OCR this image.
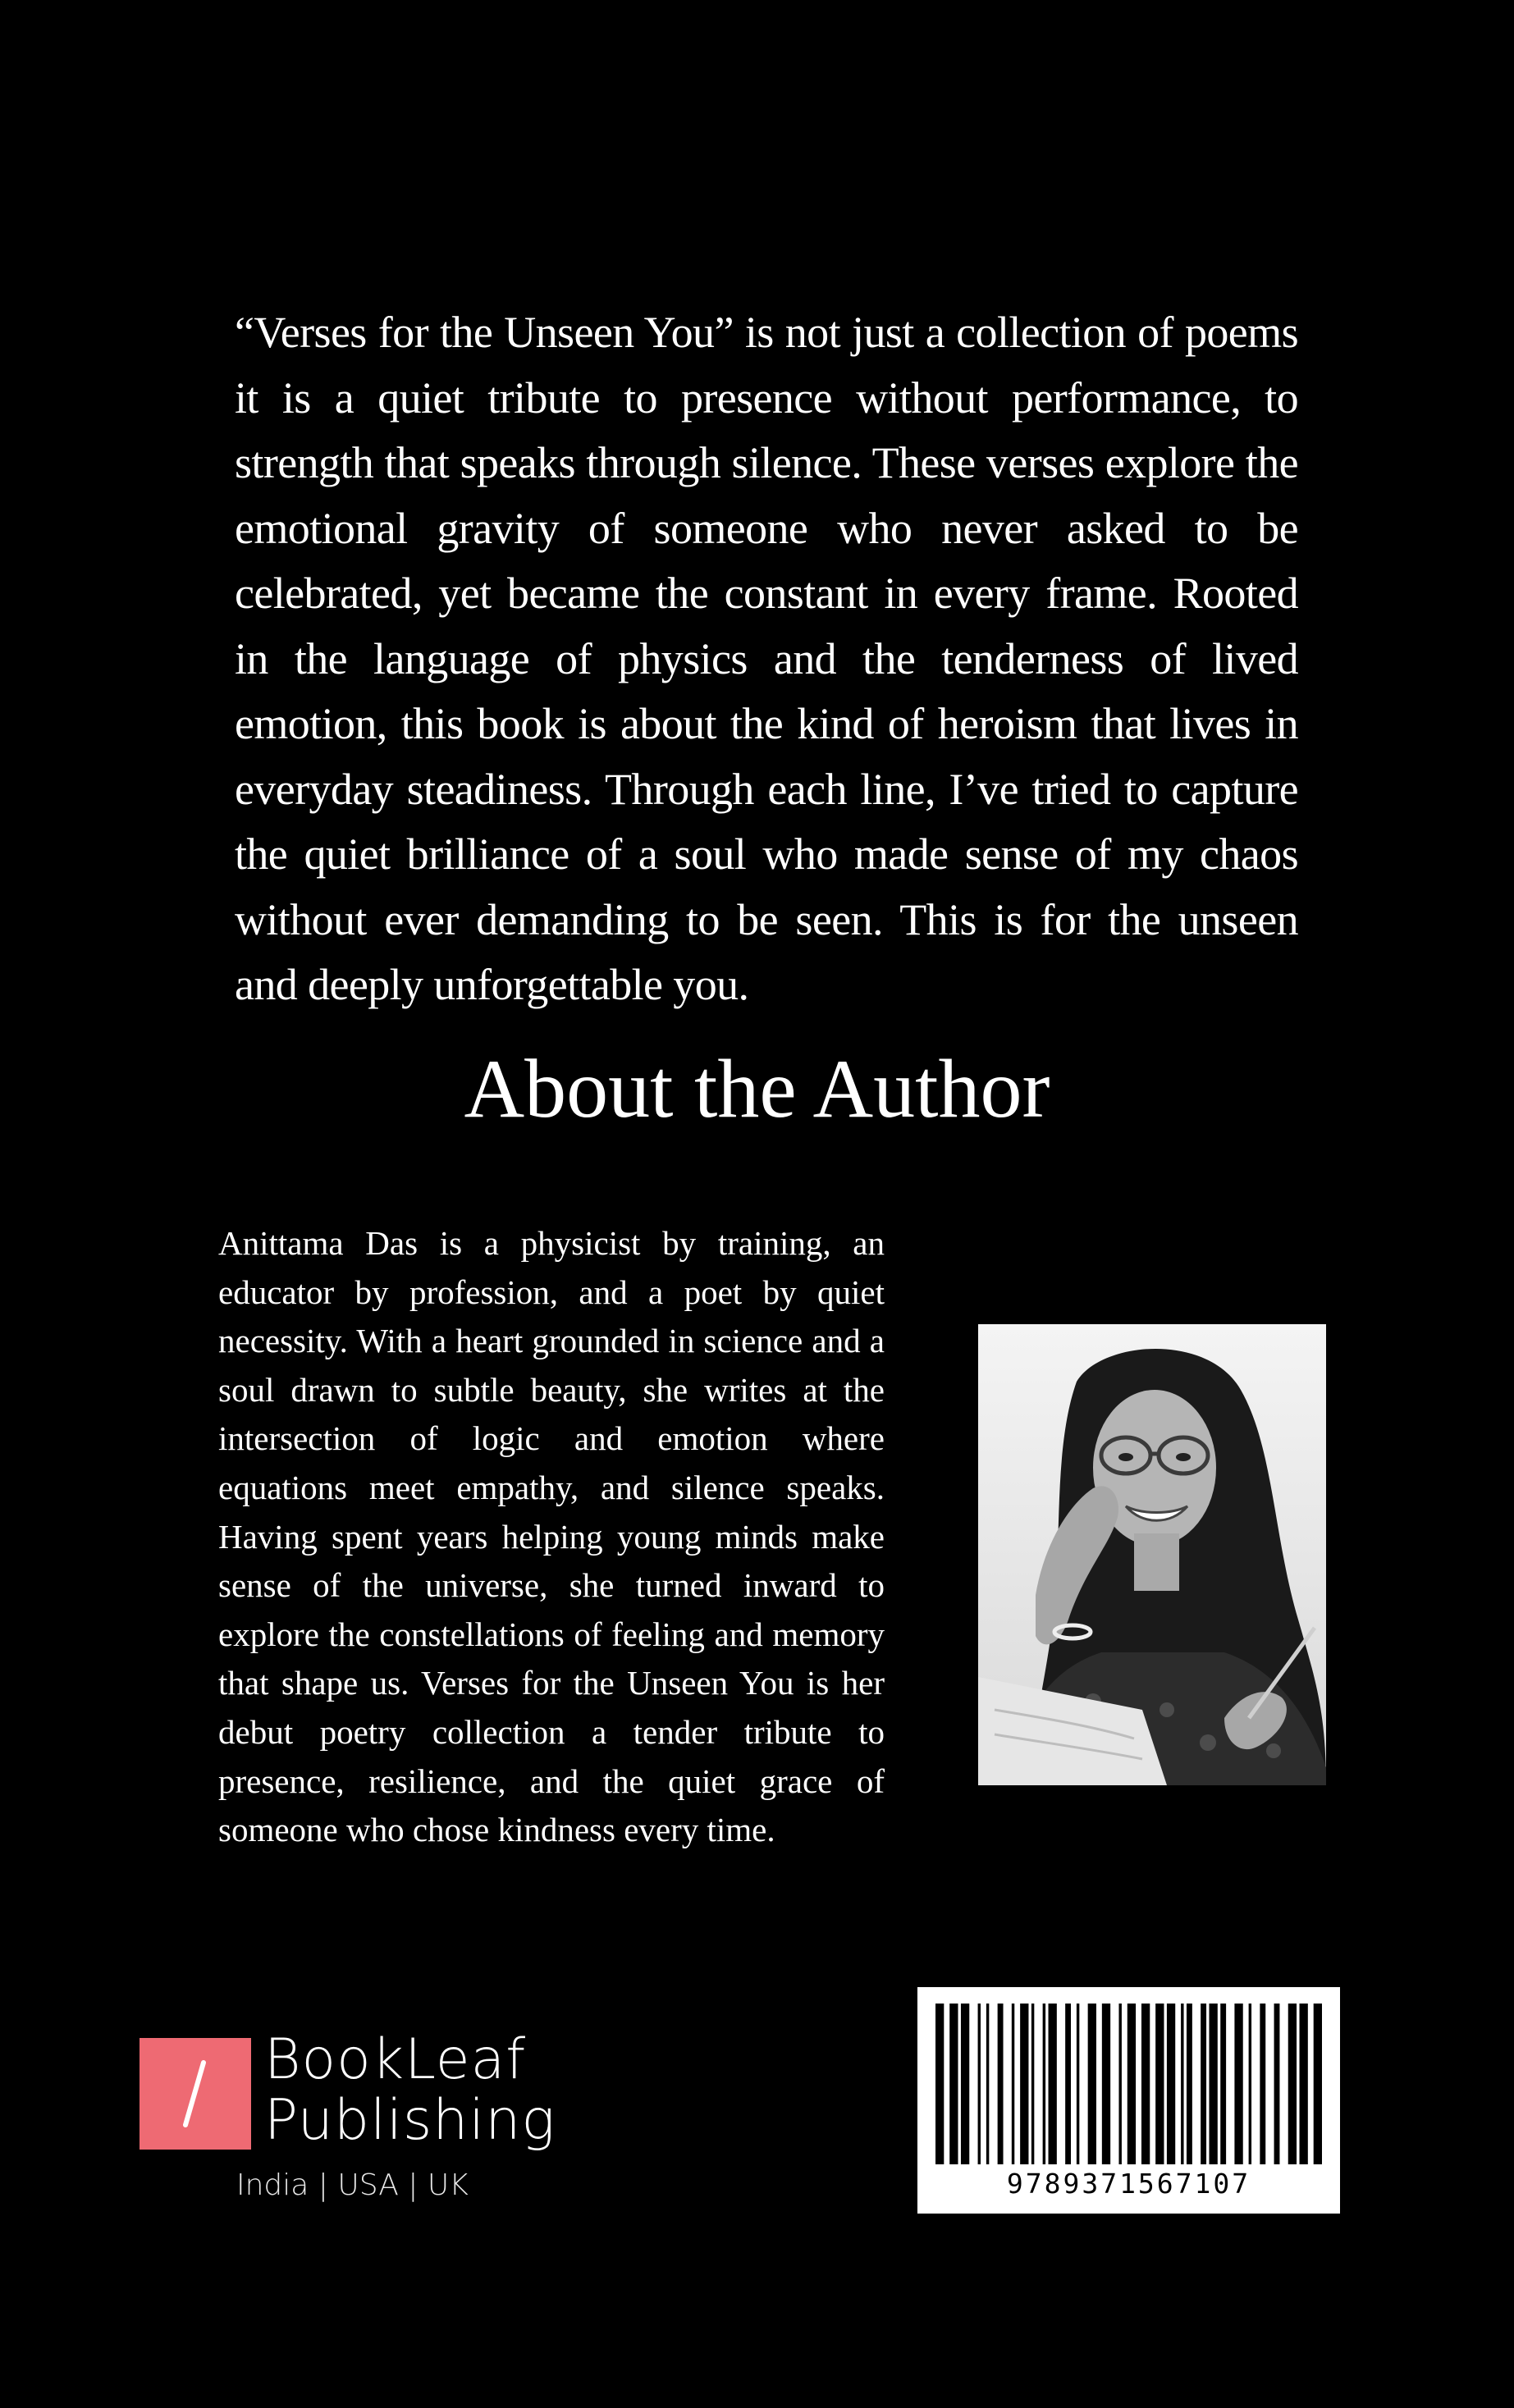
“Verses for the Unseen You” is not just a collection of poems it is a quiet tribute to presence without performance, to strength that speaks through silence. These verses explore the emotional gravity of someone who never asked to be celebrated, yet became the constant in every frame. Rooted in the language of physics and the tenderness of lived emotion, this book is about the kind of heroism that lives in everyday steadiness. Through each line, I’ve tried to capture the quiet brilliance of a soul who made sense of my chaos without ever demanding to be seen. This is for the unseen and deeply unforgettable you.

About the Author

Anittama Das is a physicist by training, an educator by profession, and a poet by quiet necessity. With a heart grounded in science and a soul drawn to subtle beauty, she writes at the intersection of logic and emotion where equations meet empathy, and silence speaks. Having spent years helping young minds make sense of the universe, she turned inward to explore the constellations of feeling and memory that shape us. Verses for the Unseen You is her debut poetry collection a tender tribute to presence, resilience, and the quiet grace of someone who chose kindness every time.

BookLeaf
Publishing
India | USA | UK	9789371567107
